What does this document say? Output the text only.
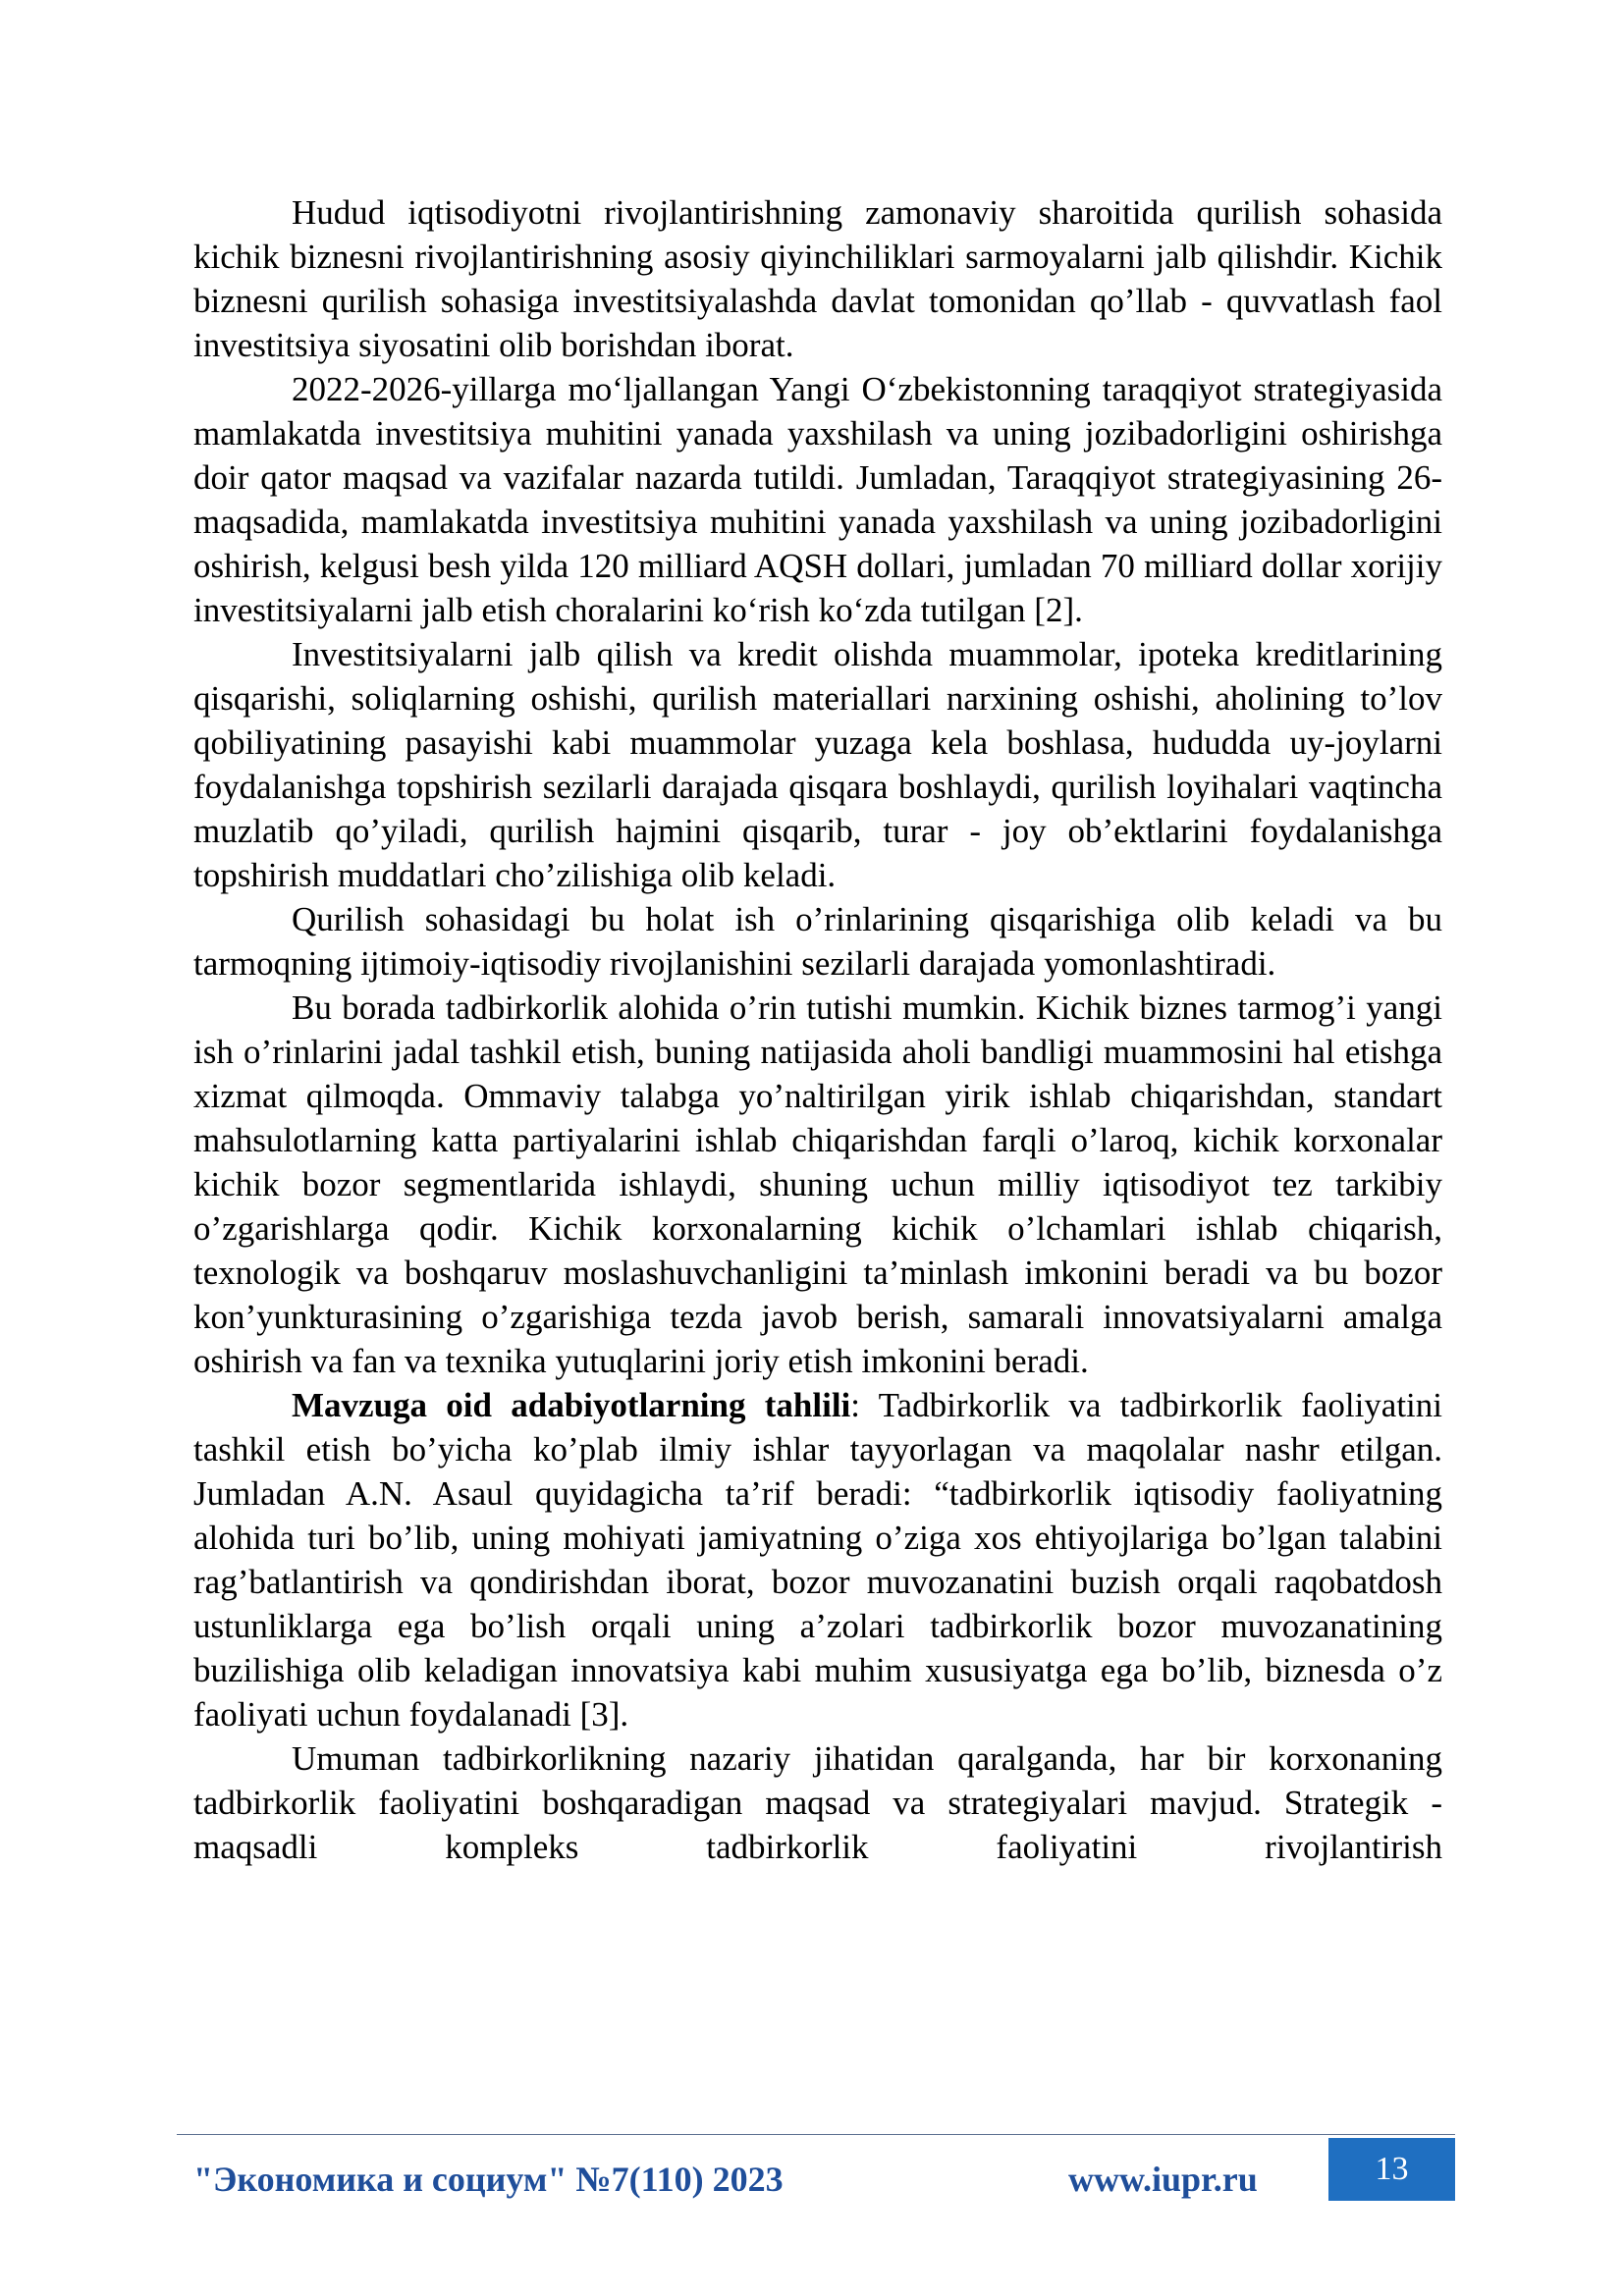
Hudud iqtisodiyotni rivojlantirishning zamonaviy sharoitida qurilish sohasida kichik biznesni rivojlantirishning asosiy qiyinchiliklari sarmoyalarni jalb qilishdir. Kichik biznesni qurilish sohasiga investitsiyalashda davlat tomonidan qo’llab - quvvatlash faol investitsiya siyosatini olib borishdan iborat.

2022-2026-yillarga mo‘ljallangan Yangi O‘zbekistonning taraqqiyot strategiyasida mamlakatda investitsiya muhitini yanada yaxshilash va uning jozibadorligini oshirishga doir qator maqsad va vazifalar nazarda tutildi. Jumladan, Taraqqiyot strategiyasining 26-maqsadida, mamlakatda investitsiya muhitini yanada yaxshilash va uning jozibadorligini oshirish, kelgusi besh yilda 120 milliard AQSH dollari, jumladan 70 milliard dollar xorijiy investitsiyalarni jalb etish choralarini ko‘rish ko‘zda tutilgan [2].

Investitsiyalarni jalb qilish va kredit olishda muammolar, ipoteka kreditlarining qisqarishi, soliqlarning oshishi, qurilish materiallari narxining oshishi, aholining to’lov qobiliyatining pasayishi kabi muammolar yuzaga kela boshlasa, hududda uy-joylarni foydalanishga topshirish sezilarli darajada qisqara boshlaydi, qurilish loyihalari vaqtincha muzlatib qo’yiladi, qurilish hajmini qisqarib, turar - joy ob’ektlarini foydalanishga topshirish muddatlari cho’zilishiga olib keladi.

Qurilish sohasidagi bu holat ish o’rinlarining qisqarishiga olib keladi va bu tarmoqning ijtimoiy-iqtisodiy rivojlanishini sezilarli darajada yomonlashtiradi.

Bu borada tadbirkorlik alohida o’rin tutishi mumkin. Kichik biznes tarmog’i yangi ish o’rinlarini jadal tashkil etish, buning natijasida aholi bandligi muammosini hal etishga xizmat qilmoqda. Ommaviy talabga yo’naltirilgan yirik ishlab chiqarishdan, standart mahsulotlarning katta partiyalarini ishlab chiqarishdan farqli o’laroq, kichik korxonalar kichik bozor segmentlarida ishlaydi, shuning uchun milliy iqtisodiyot tez tarkibiy o’zgarishlarga qodir. Kichik korxonalarning kichik o’lchamlari ishlab chiqarish, texnologik va boshqaruv moslashuvchanligini ta’minlash imkonini beradi va bu bozor kon’yunkturasining o’zgarishiga tezda javob berish, samarali innovatsiyalarni amalga oshirish va fan va texnika yutuqlarini joriy etish imkonini beradi.

Mavzuga oid adabiyotlarning tahlili: Tadbirkorlik va tadbirkorlik faoliyatini tashkil etish bo’yicha ko’plab ilmiy ishlar tayyorlagan va maqolalar nashr etilgan. Jumladan A.N. Asaul quyidagicha ta’rif beradi: “tadbirkorlik iqtisodiy faoliyatning alohida turi bo’lib, uning mohiyati jamiyatning o’ziga xos ehtiyojlariga bo’lgan talabini rag’batlantirish va qondirishdan iborat, bozor muvozanatini buzish orqali raqobatdosh ustunliklarga ega bo’lish orqali uning a’zolari tadbirkorlik bozor muvozanatining buzilishiga olib keladigan innovatsiya kabi muhim xususiyatga ega bo’lib, biznesda o’z faoliyati uchun foydalanadi [3].

Umuman tadbirkorlikning nazariy jihatidan qaralganda, har bir korxonaning tadbirkorlik faoliyatini boshqaradigan maqsad va strategiyalari mavjud. Strategik - maqsadli kompleks tadbirkorlik faoliyatini rivojlantirish

"Экономика и социум" №7(110) 2023	www.iupr.ru	13
